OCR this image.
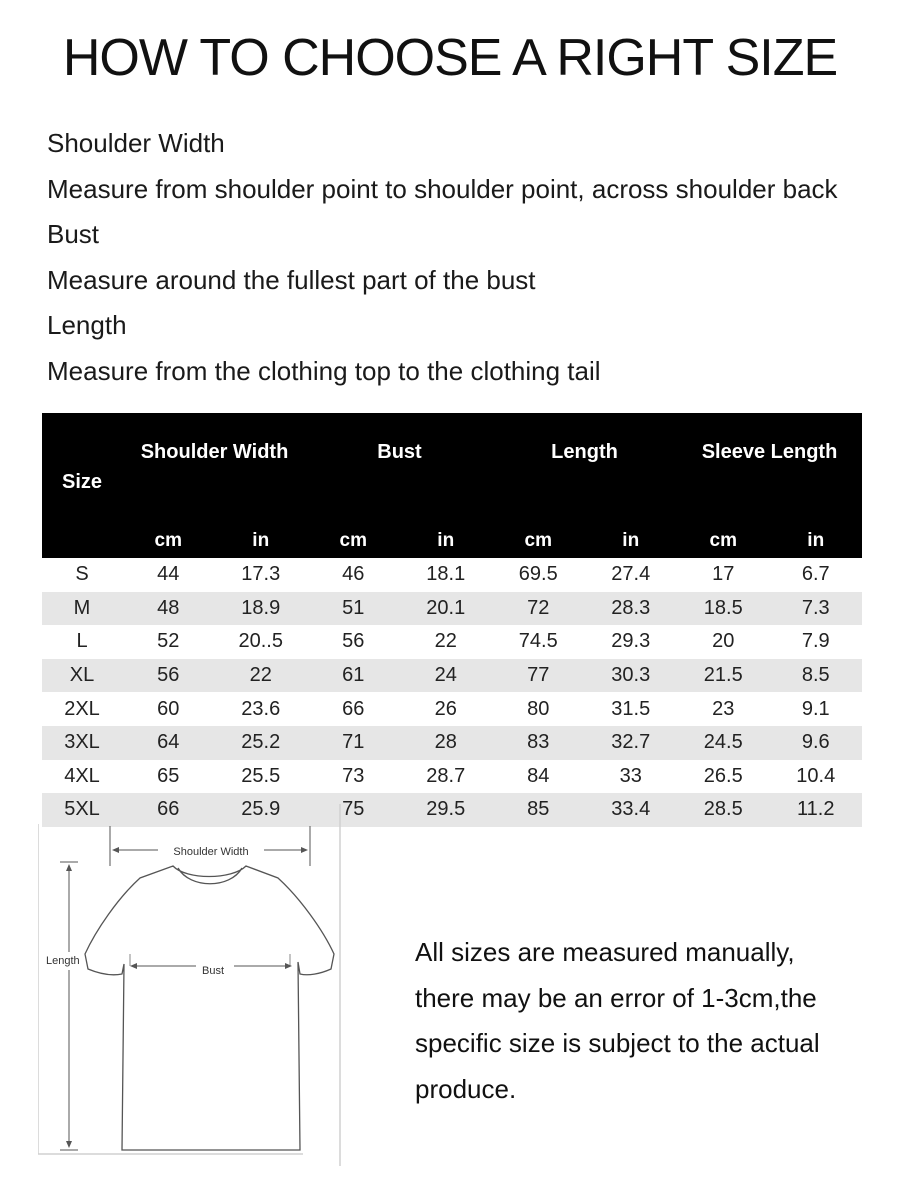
HOW TO CHOOSE A RIGHT SIZE

Shoulder Width

Measure from shoulder point to shoulder point, across shoulder back

Bust

Measure around the fullest part of the bust

Length

Measure from the clothing top to the clothing tail

Size	Shoulder Width		Bust		Length		Sleeve Length	
	cm	in	cm	in	cm	in	cm	in
S	44	17.3	46	18.1	69.5	27.4	17	6.7
M	48	18.9	51	20.1	72	28.3	18.5	7.3
L	52	20..5	56	22	74.5	29.3	20	7.9
XL	56	22	61	24	77	30.3	21.5	8.5
2XL	60	23.6	66	26	80	31.5	23	9.1
3XL	64	25.2	71	28	83	32.7	24.5	9.6
4XL	65	25.5	73	28.7	84	33	26.5	10.4
5XL	66	25.9	75	29.5	85	33.4	28.5	11.2
Shoulder Width
Length
Bust

All sizes are measured manually,

there may be an error of 1-3cm,the

specific size is subject to the actual

produce.
